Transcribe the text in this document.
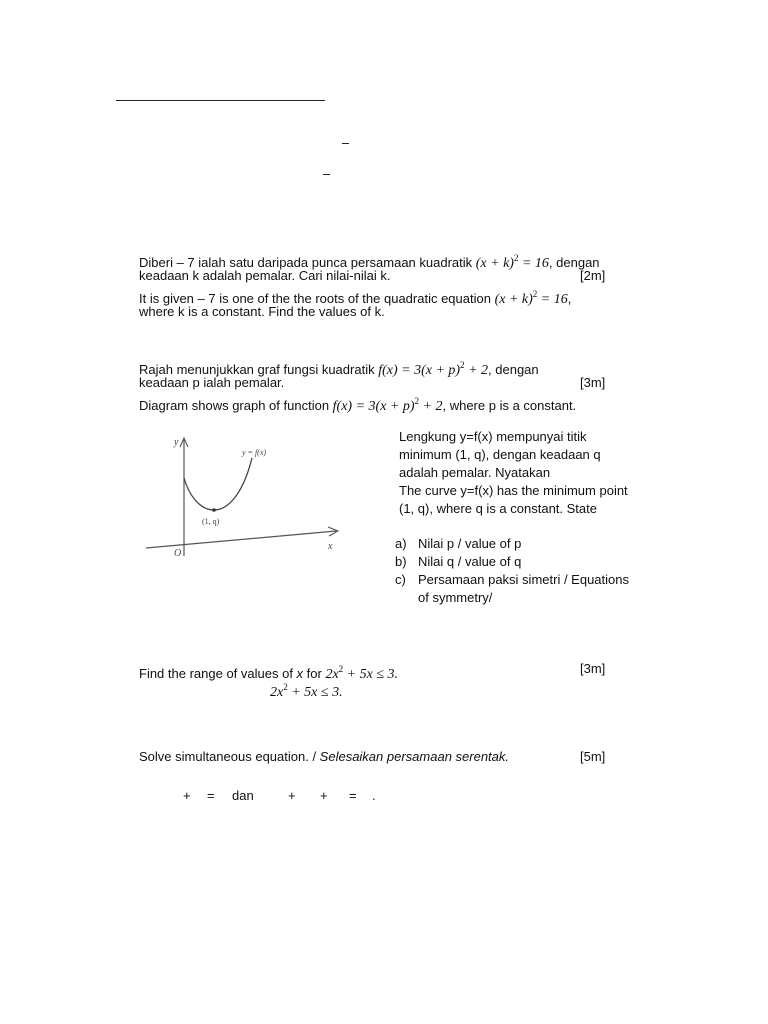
Diberi – 7 ialah satu daripada punca persamaan kuadratik $(x + k)^2 = 16$, dengan
keadaan k adalah pemalar. Cari nilai-nilai k.	[2m]
It is given – 7 is one of the the roots of the quadratic equation $(x + k)^2 = 16$,
where k is a constant. Find the values of k.
Rajah menunjukkan graf fungsi kuadratik $f(x) = 3(x + p)^2 + 2$, dengan
keadaan p ialah pemalar.	[3m]
Diagram shows graph of function $f(x) = 3(x + p)^2 + 2$, where p is a constant.
y
x
O
y = f(x)
(1, q)
Lengkung y=f(x) mempunyai titik
minimum (1, q), dengan keadaan q
adalah pemalar. Nyatakan
The curve y=f(x) has the minimum point
(1, q), where q is a constant. State
a) Nilai p / value of p
b) Nilai q / value of q
c) Persamaan paksi simetri / Equations
of symmetry/
Find the range of values of x for $2x^2 + 5x \le 3$.	[3m]
$2x^2 + 5x \le 3$.
Solve simultaneous equation. / Selesaikan persamaan serentak.	[5m]
+ = dan	+ + = .
